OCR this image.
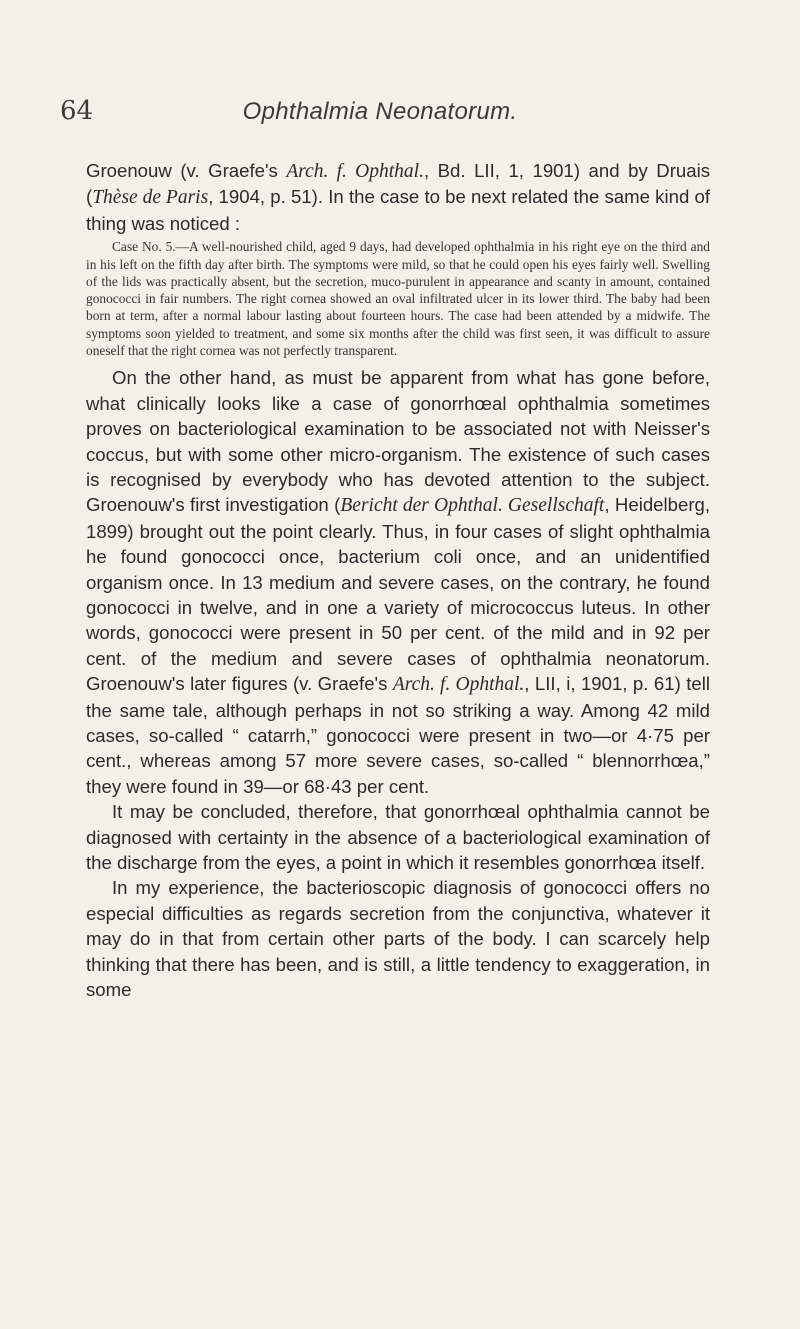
64	Ophthalmia Neonatorum.

Groenouw (v. Graefe's Arch. f. Ophthal., Bd. LII, 1, 1901) and by Druais (Thèse de Paris, 1904, p. 51). In the case to be next related the same kind of thing was noticed :

Case No. 5.—A well-nourished child, aged 9 days, had developed ophthalmia in his right eye on the third and in his left on the fifth day after birth. The symptoms were mild, so that he could open his eyes fairly well. Swelling of the lids was practically absent, but the secretion, muco-purulent in appearance and scanty in amount, contained gonococci in fair numbers. The right cornea showed an oval infiltrated ulcer in its lower third. The baby had been born at term, after a normal labour lasting about fourteen hours. The case had been attended by a midwife. The symptoms soon yielded to treatment, and some six months after the child was first seen, it was difficult to assure oneself that the right cornea was not perfectly transparent.

On the other hand, as must be apparent from what has gone before, what clinically looks like a case of gonorrhœal ophthalmia sometimes proves on bacteriological examination to be associated not with Neisser's coccus, but with some other micro-organism. The existence of such cases is recognised by everybody who has devoted attention to the subject. Groenouw's first investigation (Bericht der Ophthal. Gesellschaft, Heidelberg, 1899) brought out the point clearly. Thus, in four cases of slight ophthalmia he found gonococci once, bacterium coli once, and an unidentified organism once. In 13 medium and severe cases, on the contrary, he found gonococci in twelve, and in one a variety of micrococcus luteus. In other words, gonococci were present in 50 per cent. of the mild and in 92 per cent. of the medium and severe cases of ophthalmia neonatorum. Groenouw's later figures (v. Graefe's Arch. f. Ophthal., LII, i, 1901, p. 61) tell the same tale, although perhaps in not so striking a way. Among 42 mild cases, so-called “ catarrh,” gonococci were present in two—or 4·75 per cent., whereas among 57 more severe cases, so-called “ blennorrhœa,” they were found in 39—or 68·43 per cent.

It may be concluded, therefore, that gonorrhœal ophthalmia cannot be diagnosed with certainty in the absence of a bacteriological examination of the discharge from the eyes, a point in which it resembles gonorrhœa itself.

In my experience, the bacterioscopic diagnosis of gonococci offers no especial difficulties as regards secretion from the conjunctiva, whatever it may do in that from certain other parts of the body. I can scarcely help thinking that there has been, and is still, a little tendency to exaggeration, in some
